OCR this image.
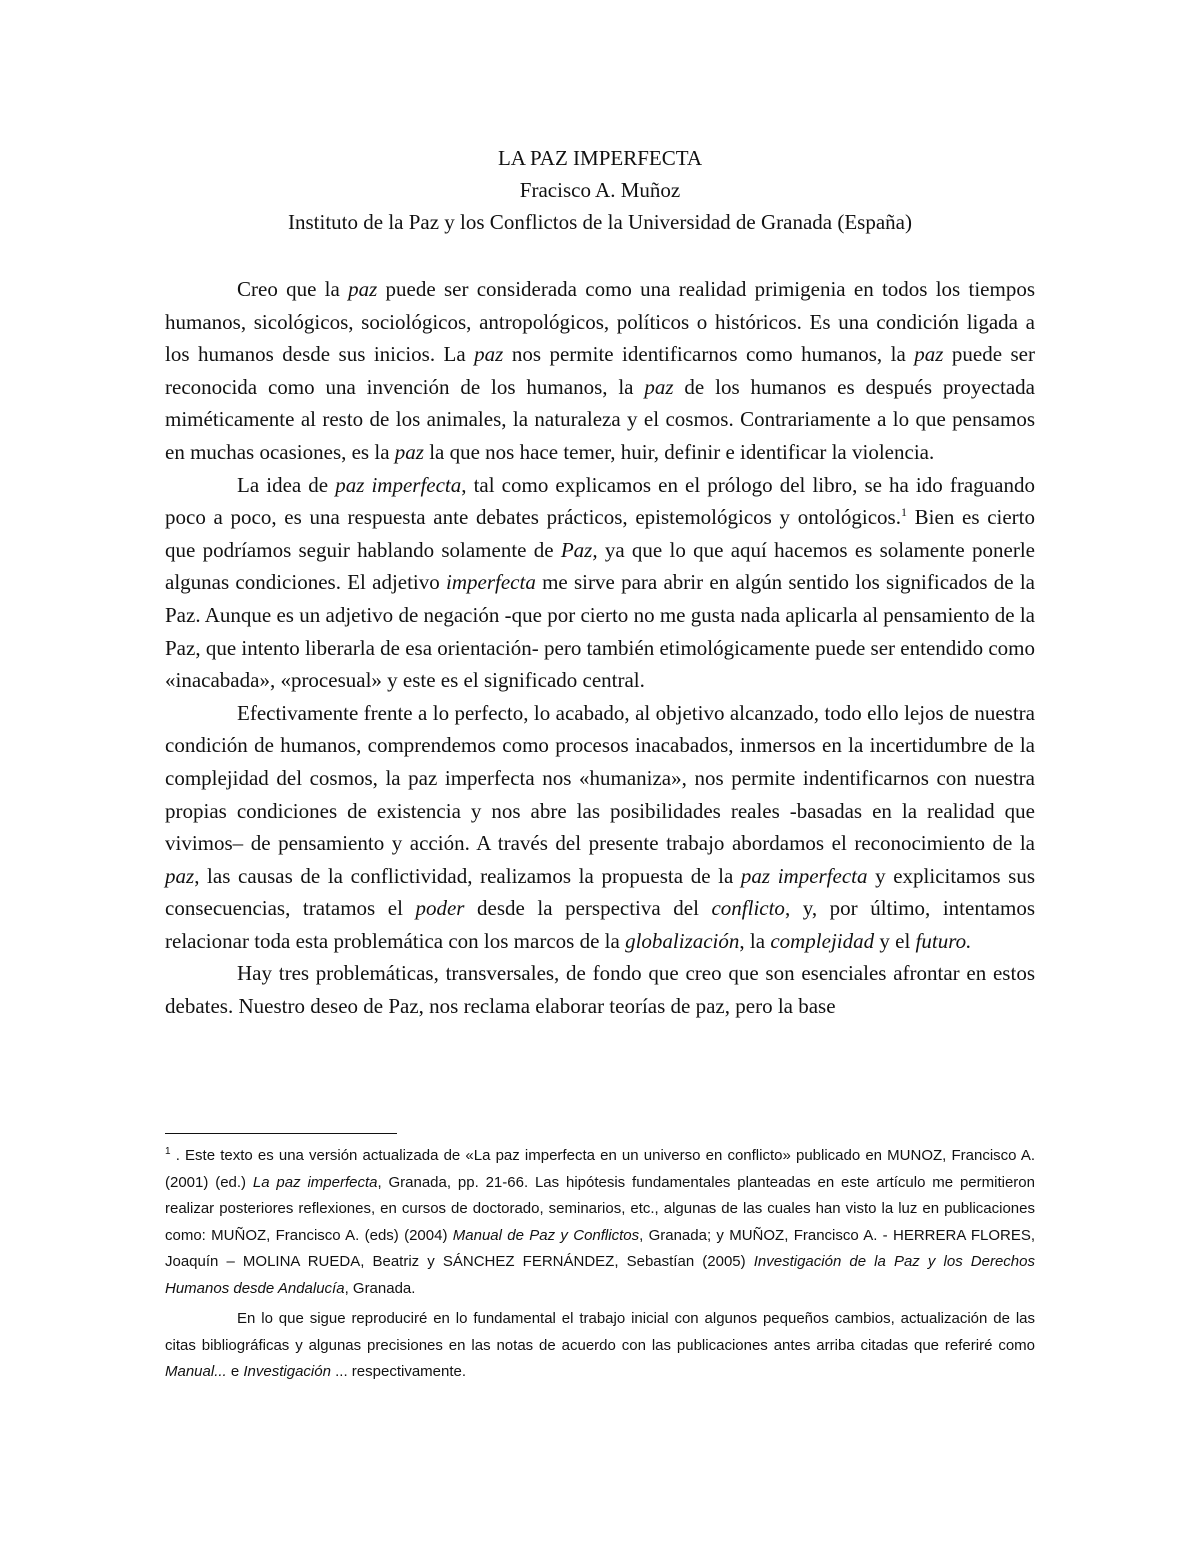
LA PAZ IMPERFECTA
Fracisco A. Muñoz
Instituto de la Paz y los Conflictos de la Universidad de Granada (España)

Creo que la paz puede ser considerada como una realidad primigenia en todos los tiempos humanos, sicológicos, sociológicos, antropológicos, políticos o históricos. Es una condición ligada a los humanos desde sus inicios. La paz nos permite identificarnos como humanos, la paz puede ser reconocida como una invención de los humanos, la paz de los humanos es después proyectada miméticamente al resto de los animales, la naturaleza y el cosmos. Contrariamente a lo que pensamos en muchas ocasiones, es la paz la que nos hace temer, huir, definir e identificar la violencia.

La idea de paz imperfecta, tal como explicamos en el prólogo del libro, se ha ido fraguando poco a poco, es una respuesta ante debates prácticos, epistemológicos y ontológicos.$^1$ Bien es cierto que podríamos seguir hablando solamente de Paz, ya que lo que aquí hacemos es solamente ponerle algunas condiciones. El adjetivo imperfecta me sirve para abrir en algún sentido los significados de la Paz. Aunque es un adjetivo de negación -que por cierto no me gusta nada aplicarla al pensamiento de la Paz, que intento liberarla de esa orientación- pero también etimológicamente puede ser entendido como «inacabada», «procesual» y este es el significado central.

Efectivamente frente a lo perfecto, lo acabado, al objetivo alcanzado, todo ello lejos de nuestra condición de humanos, comprendemos como procesos inacabados, inmersos en la incertidumbre de la complejidad del cosmos, la paz imperfecta nos «humaniza», nos permite indentificarnos con nuestra propias condiciones de existencia y nos abre las posibilidades reales -basadas en la realidad que vivimos– de pensamiento y acción. A través del presente trabajo abordamos el reconocimiento de la paz, las causas de la conflictividad, realizamos la propuesta de la paz imperfecta y explicitamos sus consecuencias, tratamos el poder desde la perspectiva del conflicto, y, por último, intentamos relacionar toda esta problemática con los marcos de la globalización, la complejidad y el futuro.

Hay tres problemáticas, transversales, de fondo que creo que son esenciales afrontar en estos debates. Nuestro deseo de Paz, nos reclama elaborar teorías de paz, pero la base

$^1$ . Este texto es una versión actualizada de «La paz imperfecta en un universo en conflicto» publicado en MUNOZ, Francisco A. (2001) (ed.) La paz imperfecta, Granada, pp. 21-66. Las hipótesis fundamentales planteadas en este artículo me permitieron realizar posteriores reflexiones, en cursos de doctorado, seminarios, etc., algunas de las cuales han visto la luz en publicaciones como: MUÑOZ, Francisco A. (eds) (2004) Manual de Paz y Conflictos, Granada; y MUÑOZ, Francisco A. - HERRERA FLORES, Joaquín – MOLINA RUEDA, Beatriz y SÁNCHEZ FERNÁNDEZ, Sebastían (2005) Investigación de la Paz y los Derechos Humanos desde Andalucía, Granada.

En lo que sigue reproduciré en lo fundamental el trabajo inicial con algunos pequeños cambios, actualización de las citas bibliográficas y algunas precisiones en las notas de acuerdo con las publicaciones antes arriba citadas que referiré como Manual... e Investigación ... respectivamente.
